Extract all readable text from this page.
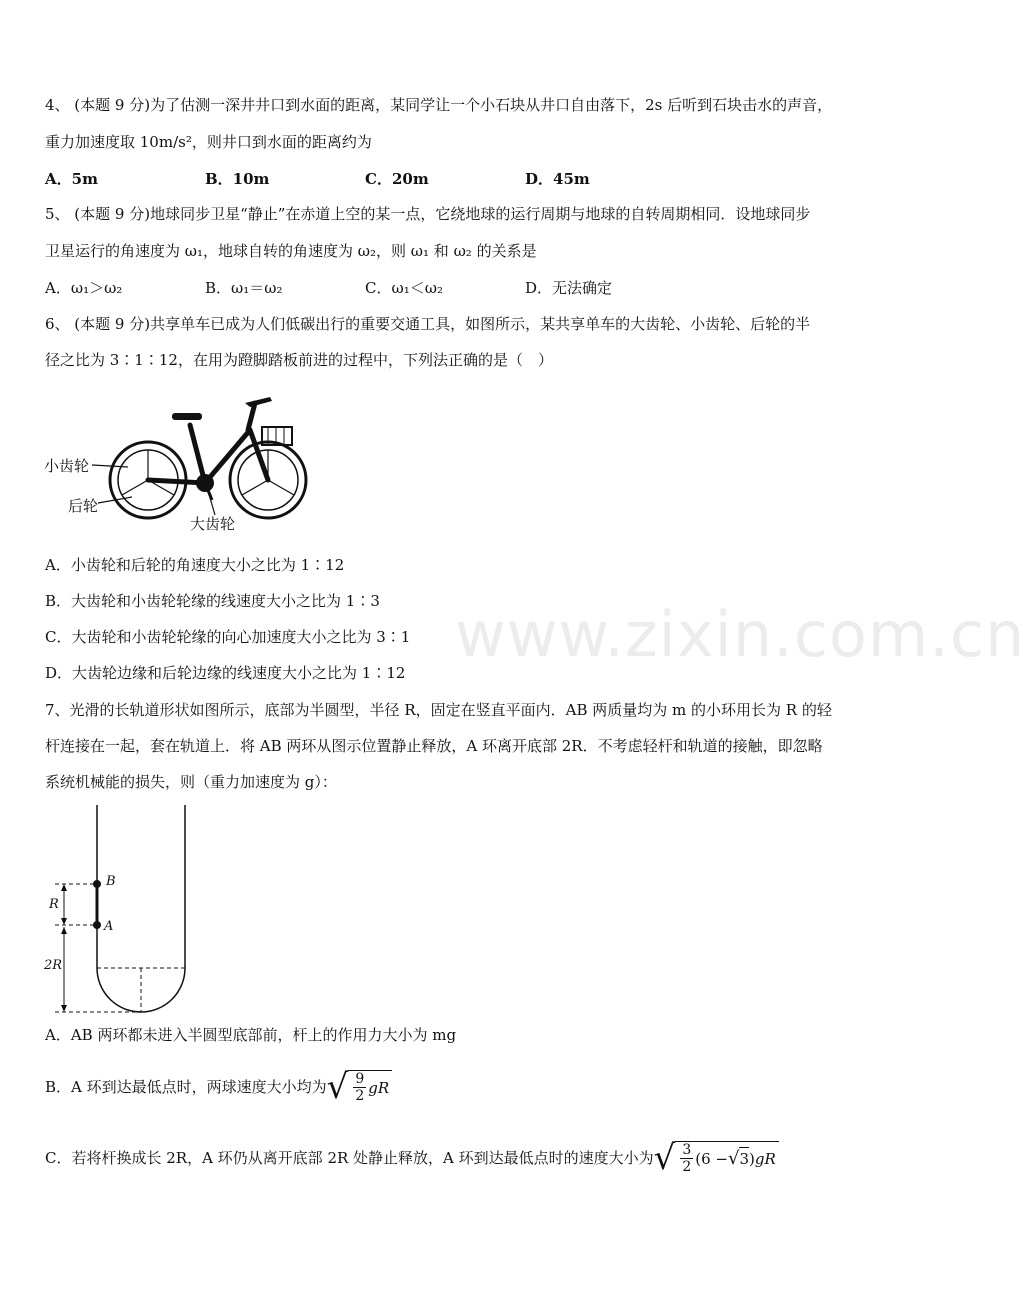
www.zixin.com.cn
4、 (本题 9 分)为了估测一深井井口到水面的距离，某同学让一个小石块从井口自由落下，2s 后听到石块击水的声音，
重力加速度取 10m/s²，则井口到水面的距离约为
A．5m	B．10m	C．20m	D．45m
5、 (本题 9 分)地球同步卫星“静止”在赤道上空的某一点，它绕地球的运行周期与地球的自转周期相同．设地球同步
卫星运行的角速度为 ω₁，地球自转的角速度为 ω₂，则 ω₁ 和 ω₂ 的关系是
A．ω₁＞ω₂	B．ω₁＝ω₂	C．ω₁＜ω₂	D．无法确定
6、 (本题 9 分)共享单车已成为人们低碳出行的重要交通工具，如图所示，某共享单车的大齿轮、小齿轮、后轮的半
径之比为 3∶1∶12，在用为蹬脚踏板前进的过程中，下列法正确的是（　）
小齿轮
后轮
大齿轮
A．小齿轮和后轮的角速度大小之比为 1∶12
B．大齿轮和小齿轮轮缘的线速度大小之比为 1∶3
C．大齿轮和小齿轮轮缘的向心加速度大小之比为 3∶1
D．大齿轮边缘和后轮边缘的线速度大小之比为 1∶12
7、光滑的长轨道形状如图所示，底部为半圆型，半径 R，固定在竖直平面内．AB 两质量均为 m 的小环用长为 R 的轻
杆连接在一起，套在轨道上．将 AB 两环从图示位置静止释放，A 环离开底部 2R．不考虑轻杆和轨道的接触，即忽略
系统机械能的损失，则（重力加速度为 g）：
B
A
R
2R
A．AB 两环都未进入半圆型底部前，杆上的作用力大小为 mg
B．A 环到达最低点时，两球速度大小均为 √ $\frac{9}{2}$ gR
C．若将杆换成长 2R，A 环仍从离开底部 2R 处静止释放，A 环到达最低点时的速度大小为 √ $\frac{3}{2} (6$ − √ 3 ) gR
